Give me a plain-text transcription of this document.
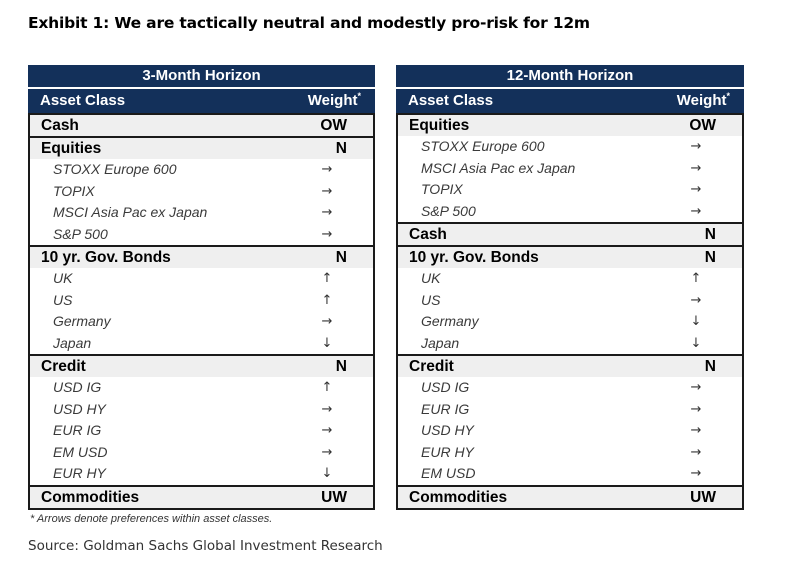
Exhibit 1: We are tactically neutral and modestly pro-risk for 12m
3-Month Horizon
Asset Class	Weight*
Cash	OW
Equities	N
STOXX Europe 600	→
TOPIX	→
MSCI Asia Pac ex Japan	→
S&P 500	→
10 yr. Gov. Bonds	N
UK	↑
US	↑
Germany	→
Japan	↓
Credit	N
USD IG	↑
USD HY	→
EUR IG	→
EM USD	→
EUR HY	↓
Commodities	UW
12-Month Horizon
Asset Class	Weight*
Equities	OW
STOXX Europe 600	→
MSCI Asia Pac ex Japan	→
TOPIX	→
S&P 500	→
Cash	N
10 yr. Gov. Bonds	N
UK	↑
US	→
Germany	↓
Japan	↓
Credit	N
USD IG	→
EUR IG	→
USD HY	→
EUR HY	→
EM USD	→
Commodities	UW
* Arrows denote preferences within asset classes.
Source: Goldman Sachs Global Investment Research
